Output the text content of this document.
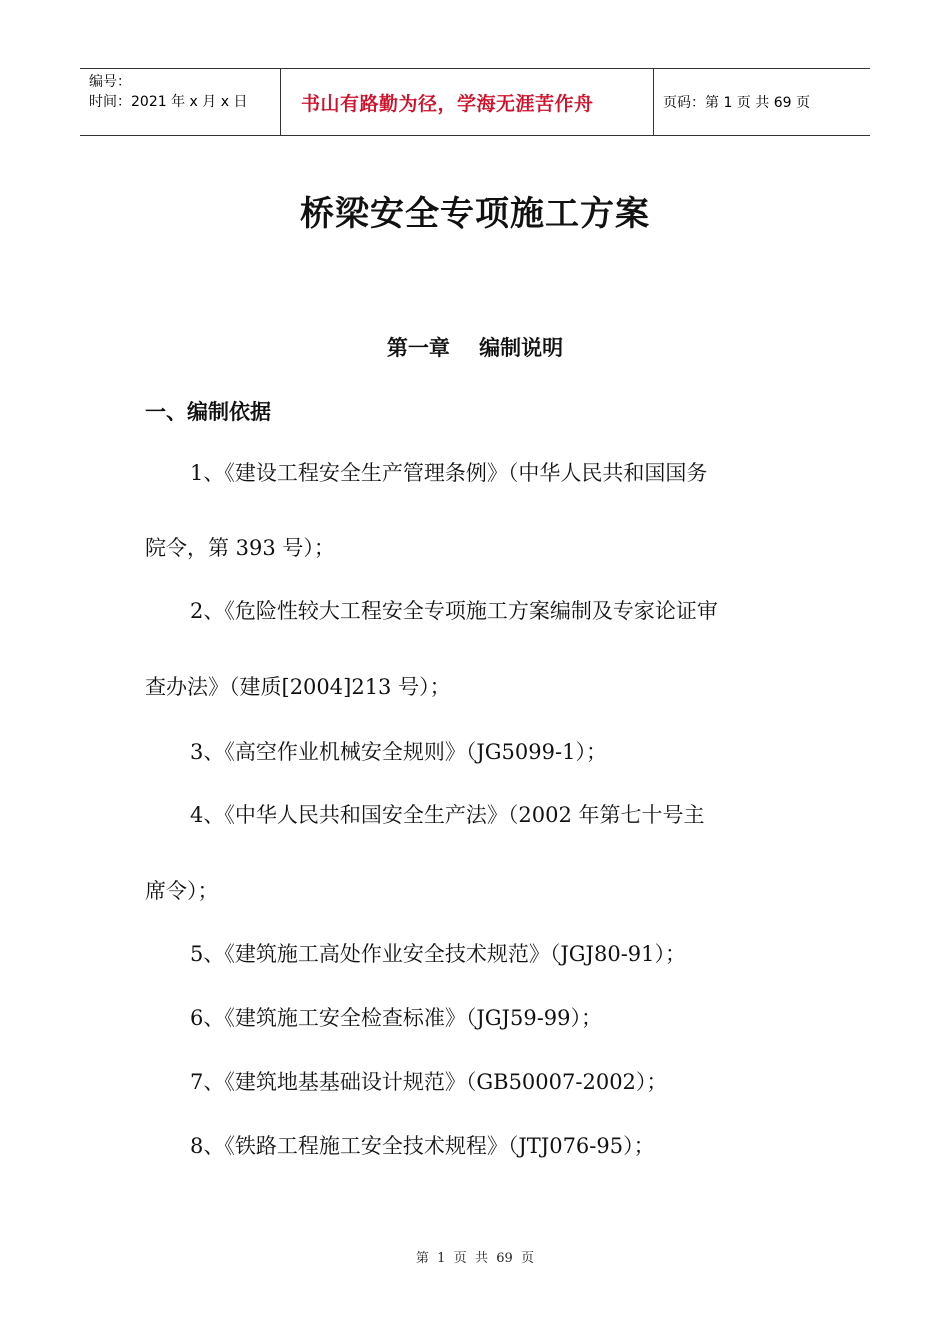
编号：
时间：2021 年 x 月 x 日	书山有路勤为径，学海无涯苦作舟	页码：第 1 页 共 69 页
桥梁安全专项施工方案
第一章    编制说明
一、编制依据
1、《建设工程安全生产管理条例》（中华人民共和国国务
院令，第 393 号）；
2、《危险性较大工程安全专项施工方案编制及专家论证审
查办法》（建质[2004]213 号）；
3、《高空作业机械安全规则》（JG5099-1）；
4、《中华人民共和国安全生产法》（2002 年第七十号主
席令）；
5、《建筑施工高处作业安全技术规范》（JGJ80-91）；
6、《建筑施工安全检查标准》（JGJ59-99）；
7、《建筑地基基础设计规范》（GB50007-2002）；
8、《铁路工程施工安全技术规程》（JTJ076-95）；
第  1  页  共  69  页
